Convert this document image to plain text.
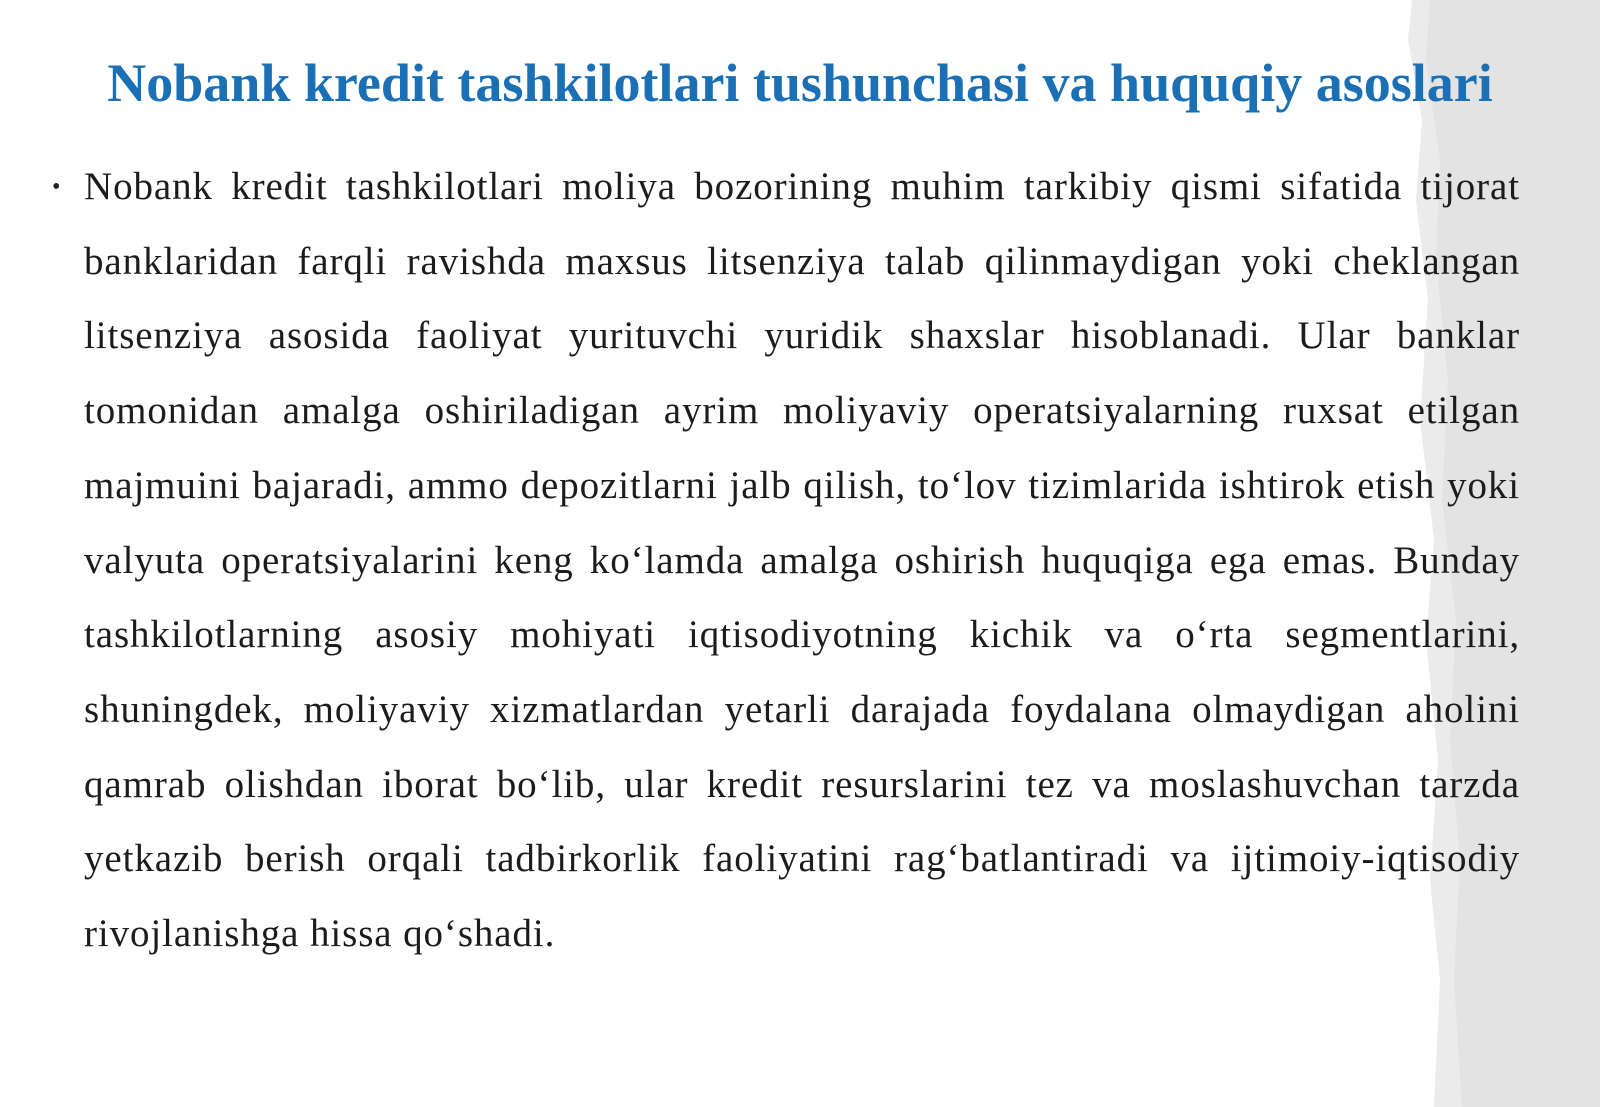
Nobank kredit tashkilotlari tushunchasi va huquqiy asoslari
• Nobank kredit tashkilotlari moliya bozorining muhim tarkibiy qismi sifatida tijorat banklaridan farqli ravishda maxsus litsenziya talab qilinmaydigan yoki cheklangan litsenziya asosida faoliyat yurituvchi yuridik shaxslar hisoblanadi. Ular banklar tomonidan amalga oshiriladigan ayrim moliyaviy operatsiyalarning ruxsat etilgan majmuini bajaradi, ammo depozitlarni jalb qilish, to‘lov tizimlarida ishtirok etish yoki valyuta operatsiyalarini keng ko‘lamda amalga oshirish huquqiga ega emas. Bunday tashkilotlarning asosiy mohiyati iqtisodiyotning kichik va o‘rta segmentlarini, shuningdek, moliyaviy xizmatlardan yetarli darajada foydalana olmaydigan aholini qamrab olishdan iborat bo‘lib, ular kredit resurslarini tez va moslashuvchan tarzda yetkazib berish orqali tadbirkorlik faoliyatini rag‘batlantiradi va ijtimoiy-iqtisodiy rivojlanishga hissa qo‘shadi.
